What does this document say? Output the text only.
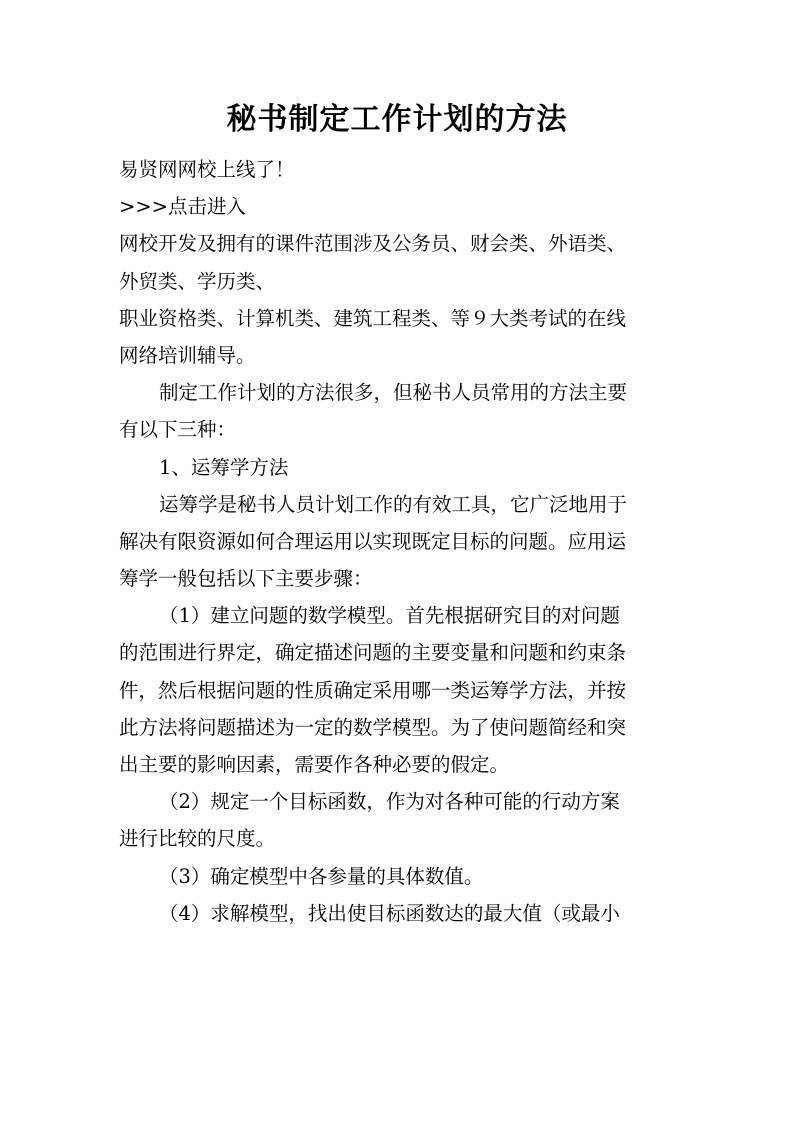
秘书制定工作计划的方法
易贤网网校上线了！
>>>点击进入
网校开发及拥有的课件范围涉及公务员、财会类、外语类、
外贸类、学历类、
职业资格类、计算机类、建筑工程类、等９大类考试的在线
网络培训辅导。
制定工作计划的方法很多，但秘书人员常用的方法主要
有以下三种：
1、运筹学方法
运筹学是秘书人员计划工作的有效工具，它广泛地用于
解决有限资源如何合理运用以实现既定目标的问题。应用运
筹学一般包括以下主要步骤：
（1）建立问题的数学模型。首先根据研究目的对问题
的范围进行界定，确定描述问题的主要变量和问题和约束条
件，然后根据问题的性质确定采用哪一类运筹学方法，并按
此方法将问题描述为一定的数学模型。为了使问题简经和突
出主要的影响因素，需要作各种必要的假定。
（2）规定一个目标函数，作为对各种可能的行动方案
进行比较的尺度。
（3）确定模型中各参量的具体数值。
（4）求解模型，找出使目标函数达的最大值（或最小
